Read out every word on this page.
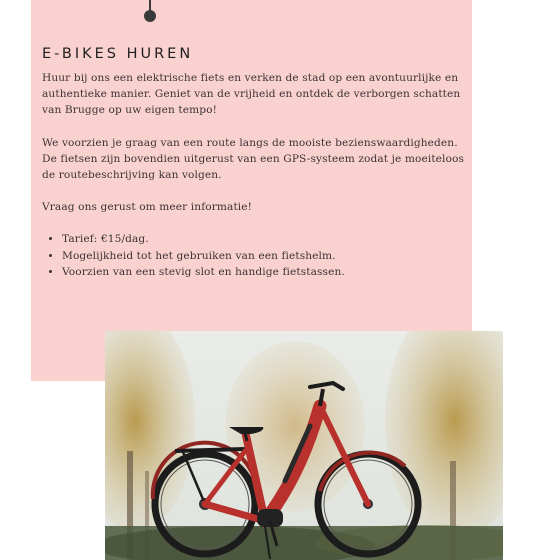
E-BIKES HUREN

Huur bij ons een elektrische fiets en verken de stad op een avontuurlijke en authentieke manier. Geniet van de vrijheid en ontdek de verborgen schatten van Brugge op uw eigen tempo!

We voorzien je graag van een route langs de mooiste bezienswaardigheden. De fietsen zijn bovendien uitgerust van een GPS-systeem zodat je moeiteloos de routebeschrijving kan volgen.

Vraag ons gerust om meer informatie!

• Tarief: €15/dag.
• Mogelijkheid tot het gebruiken van een fietshelm.
• Voorzien van een stevig slot en handige fietstassen.
